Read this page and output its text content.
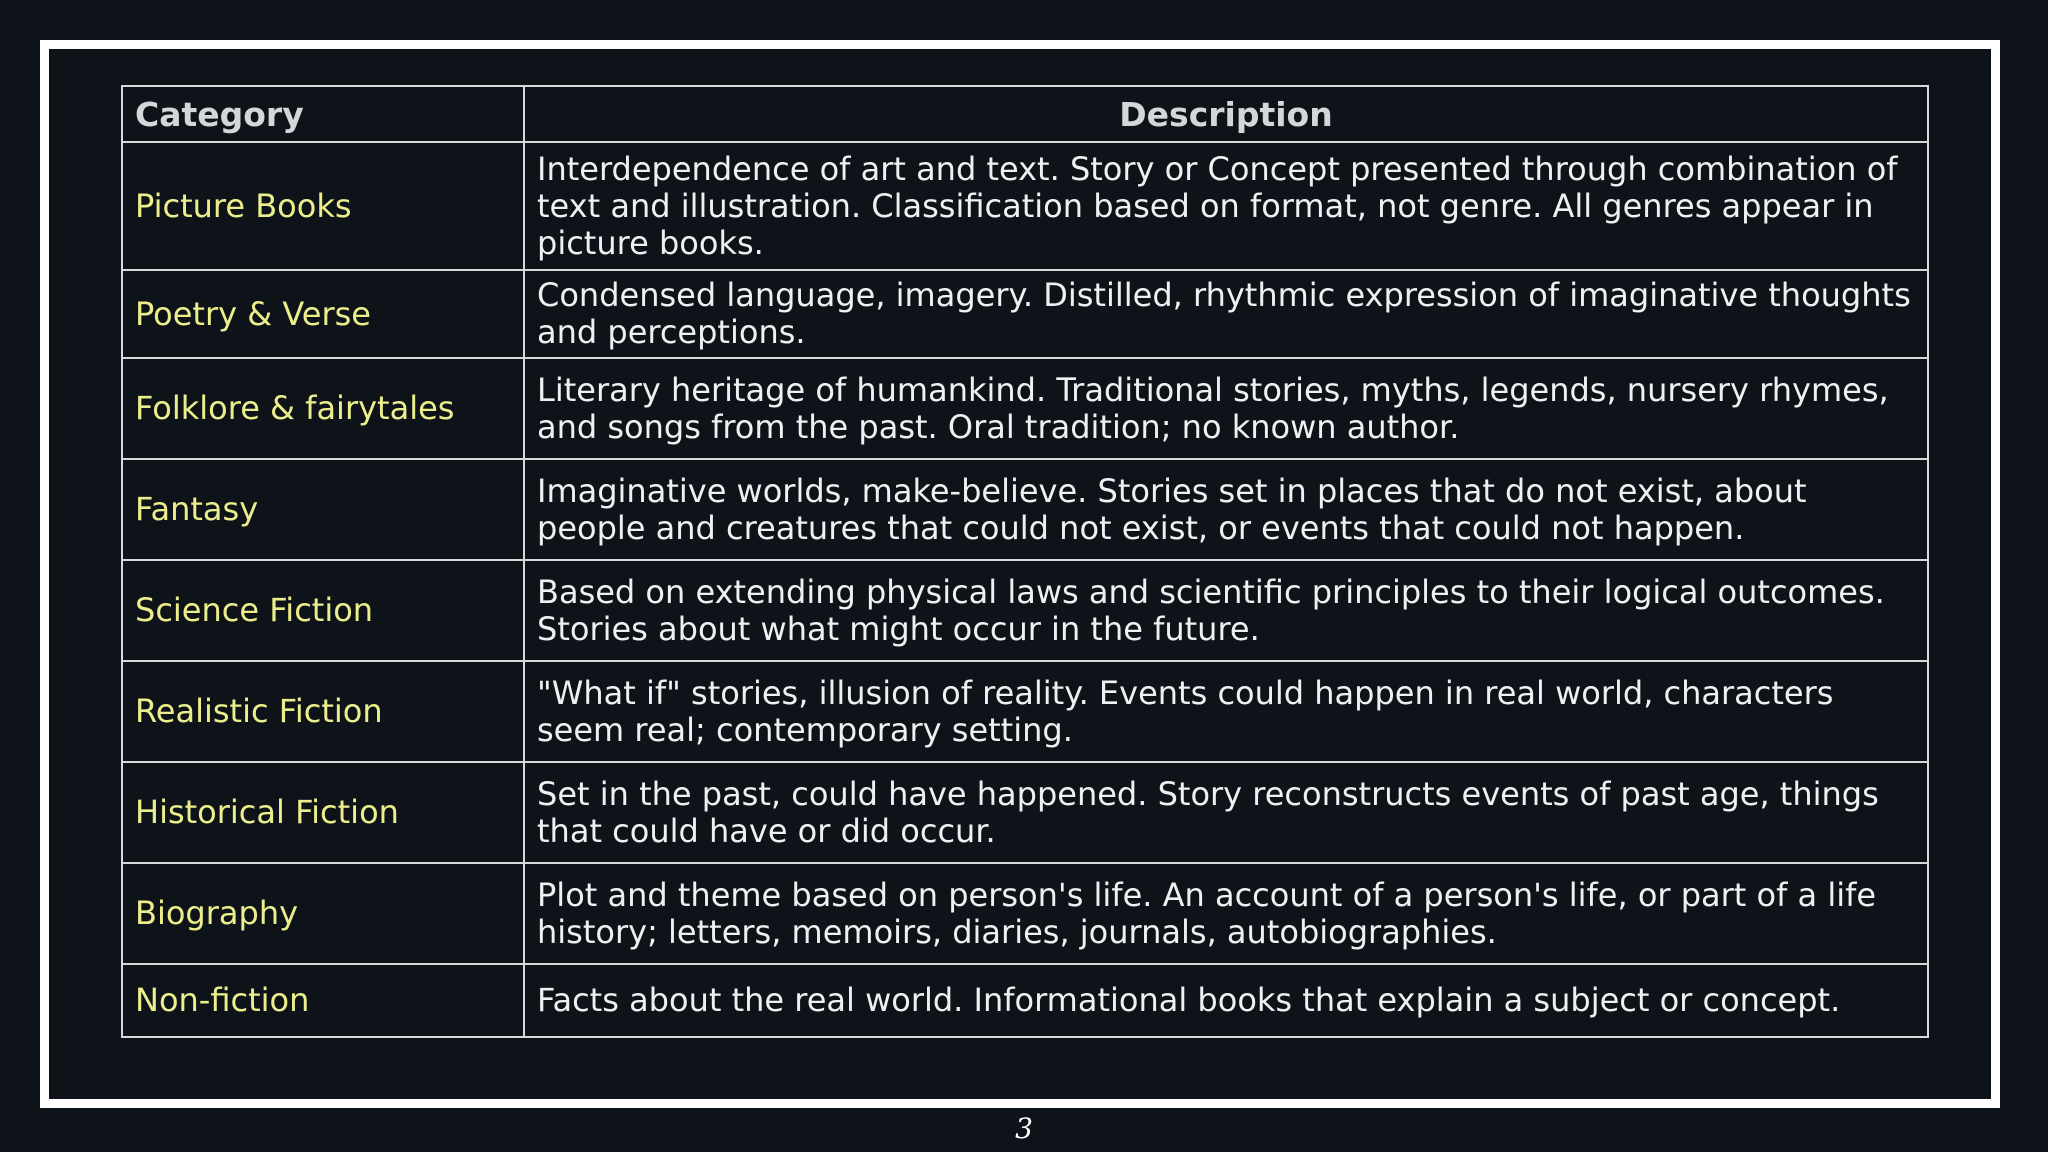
Category	Description
Picture Books	Interdependence of art and text. Story or Concept presented through combination of text and illustration. Classification based on format, not genre. All genres appear in picture books.
Poetry & Verse	Condensed language, imagery. Distilled, rhythmic expression of imaginative thoughts and perceptions.
Folklore & fairytales	Literary heritage of humankind. Traditional stories, myths, legends, nursery rhymes, and songs from the past. Oral tradition; no known author.
Fantasy	Imaginative worlds, make-believe. Stories set in places that do not exist, about people and creatures that could not exist, or events that could not happen.
Science Fiction	Based on extending physical laws and scientific principles to their logical outcomes. Stories about what might occur in the future.
Realistic Fiction	"What if" stories, illusion of reality. Events could happen in real world, characters seem real; contemporary setting.
Historical Fiction	Set in the past, could have happened. Story reconstructs events of past age, things that could have or did occur.
Biography	Plot and theme based on person's life. An account of a person's life, or part of a life history; letters, memoirs, diaries, journals, autobiographies.
Non-fiction	Facts about the real world. Informational books that explain a subject or concept.
3
